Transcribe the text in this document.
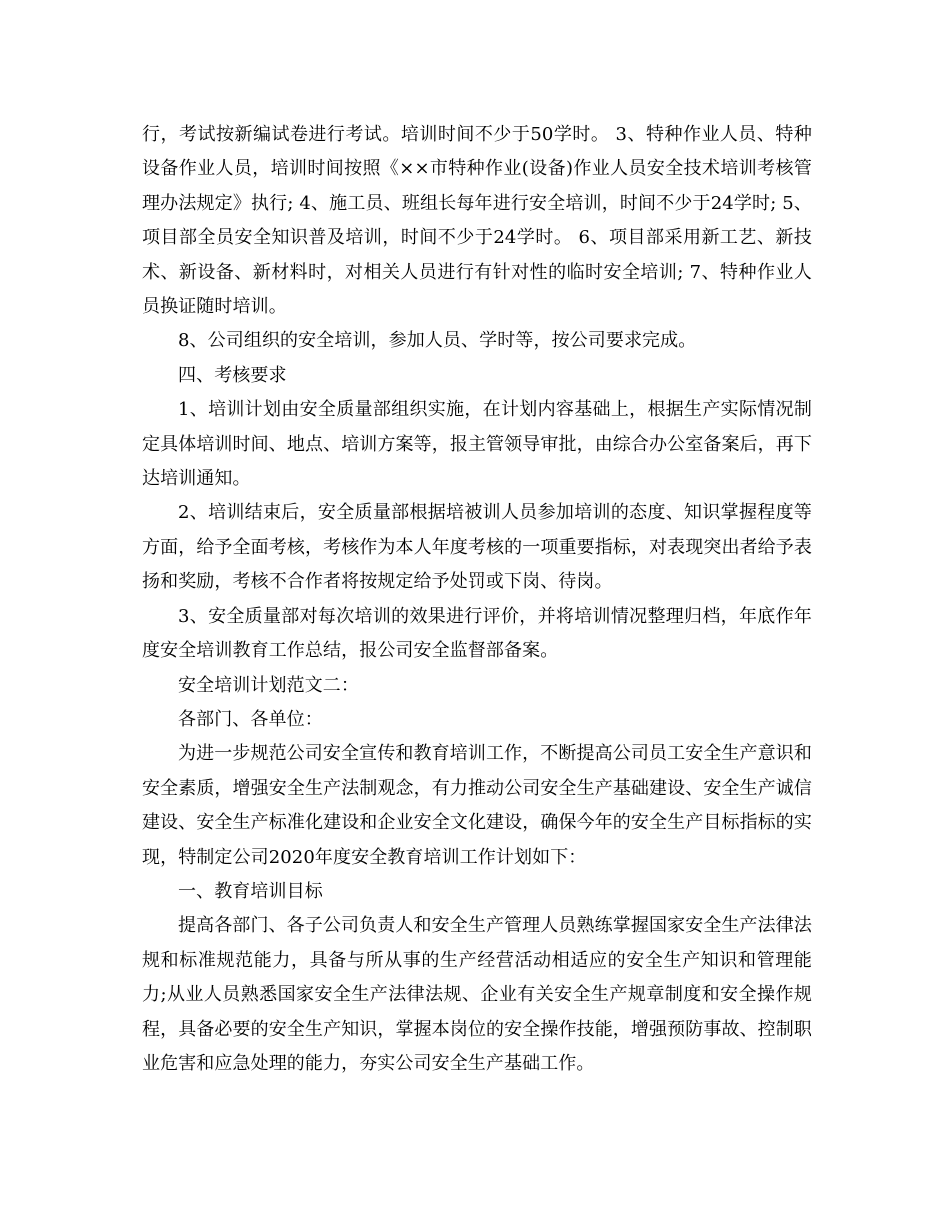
行，考试按新编试卷进行考试。培训时间不少于50学时。 3、特种作业人员、特种设备作业人员，培训时间按照《××市特种作业(设备)作业人员安全技术培训考核管理办法规定》执行; 4、施工员、班组长每年进行安全培训，时间不少于24学时; 5、项目部全员安全知识普及培训，时间不少于24学时。 6、项目部采用新工艺、新技术、新设备、新材料时，对相关人员进行有针对性的临时安全培训; 7、特种作业人员换证随时培训。

8、公司组织的安全培训，参加人员、学时等，按公司要求完成。

四、考核要求

1、培训计划由安全质量部组织实施，在计划内容基础上，根据生产实际情况制定具体培训时间、地点、培训方案等，报主管领导审批，由综合办公室备案后，再下达培训通知。

2、培训结束后，安全质量部根据培被训人员参加培训的态度、知识掌握程度等方面，给予全面考核，考核作为本人年度考核的一项重要指标，对表现突出者给予表扬和奖励，考核不合作者将按规定给予处罚或下岗、待岗。

3、安全质量部对每次培训的效果进行评价，并将培训情况整理归档，年底作年度安全培训教育工作总结，报公司安全监督部备案。

安全培训计划范文二：

各部门、各单位：

为进一步规范公司安全宣传和教育培训工作，不断提高公司员工安全生产意识和安全素质，增强安全生产法制观念，有力推动公司安全生产基础建设、安全生产诚信建设、安全生产标准化建设和企业安全文化建设，确保今年的安全生产目标指标的实现，特制定公司2020年度安全教育培训工作计划如下：

一、教育培训目标

提高各部门、各子公司负责人和安全生产管理人员熟练掌握国家安全生产法律法规和标准规范能力，具备与所从事的生产经营活动相适应的安全生产知识和管理能力;从业人员熟悉国家安全生产法律法规、企业有关安全生产规章制度和安全操作规程，具备必要的安全生产知识，掌握本岗位的安全操作技能，增强预防事故、控制职业危害和应急处理的能力，夯实公司安全生产基础工作。
